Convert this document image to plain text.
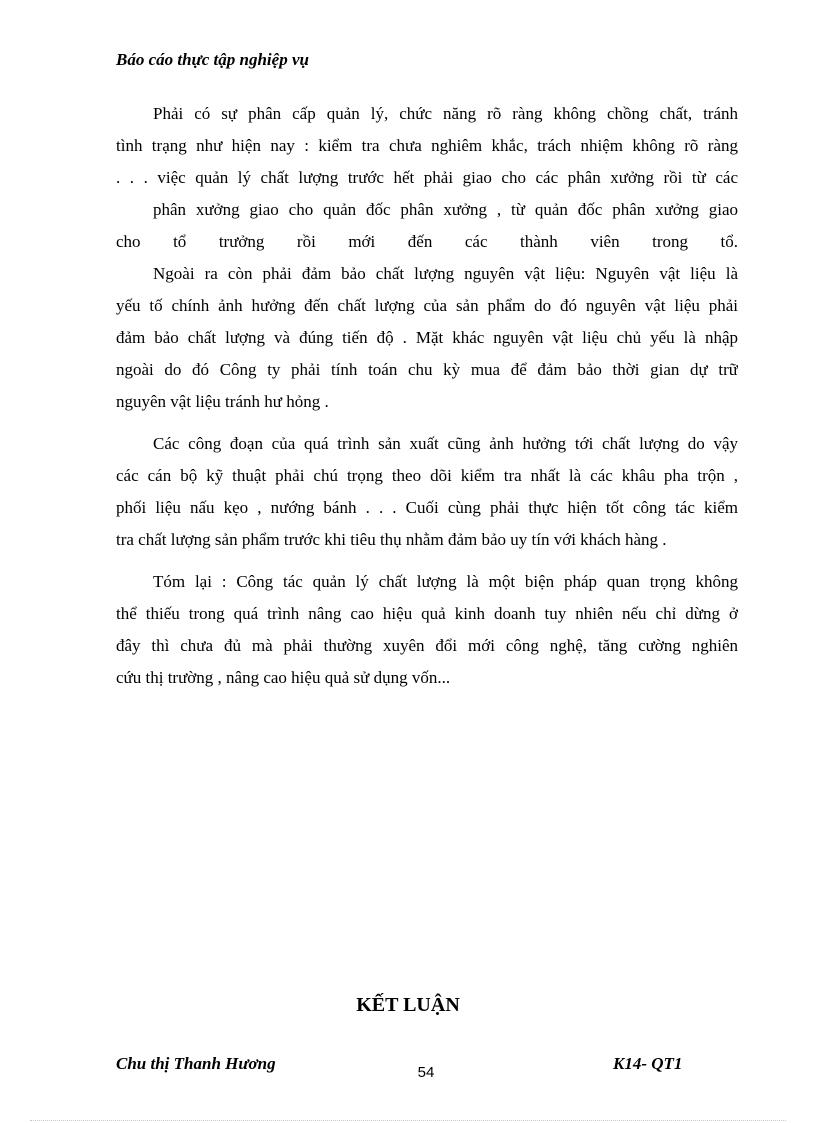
Báo cáo thực tập nghiệp vụ
Phải có sự phân cấp quản lý, chức năng rõ ràng không chồng chất, tránh
tình trạng như hiện nay : kiểm tra chưa nghiêm khắc, trách nhiệm không rõ ràng
. . . việc quản lý chất lượng trước hết phải giao cho các phân xưởng rồi từ các
phân xưởng giao cho quản đốc phân xưởng , từ quản đốc phân xưởng giao
cho tổ trưởng rồi mới đến các thành viên trong tổ.
Ngoài ra còn phải đảm bảo chất lượng nguyên vật liệu: Nguyên vật liệu là
yếu tố chính ảnh hưởng đến chất lượng của sản phẩm do đó nguyên vật liệu phải
đảm bảo chất lượng và đúng tiến độ . Mặt khác nguyên vật liệu chủ yếu là nhập
ngoài do đó Công ty phải tính toán chu kỳ mua để đảm bảo thời gian dự trữ
nguyên vật liệu tránh hư hỏng .
Các công đoạn của quá trình sản xuất cũng ảnh hưởng tới chất lượng do vậy
các cán bộ kỹ thuật phải chú trọng theo dõi kiểm tra nhất là các khâu pha trộn ,
phối liệu nấu kẹo , nướng bánh . . . Cuối cùng phải thực hiện tốt công tác kiểm
tra chất lượng sản phẩm trước khi tiêu thụ nhằm đảm bảo uy tín với khách hàng .
Tóm lại : Công tác quản lý chất lượng là một biện pháp quan trọng không
thể thiếu trong quá trình nâng cao hiệu quả kinh doanh tuy nhiên nếu chỉ dừng ở
đây thì chưa đủ mà phải thường xuyên đổi mới công nghệ, tăng cường nghiên
cứu thị trường , nâng cao hiệu quả sử dụng vốn...
KẾT LUẬN
Chu thị Thanh Hương	54	K14- QT1
